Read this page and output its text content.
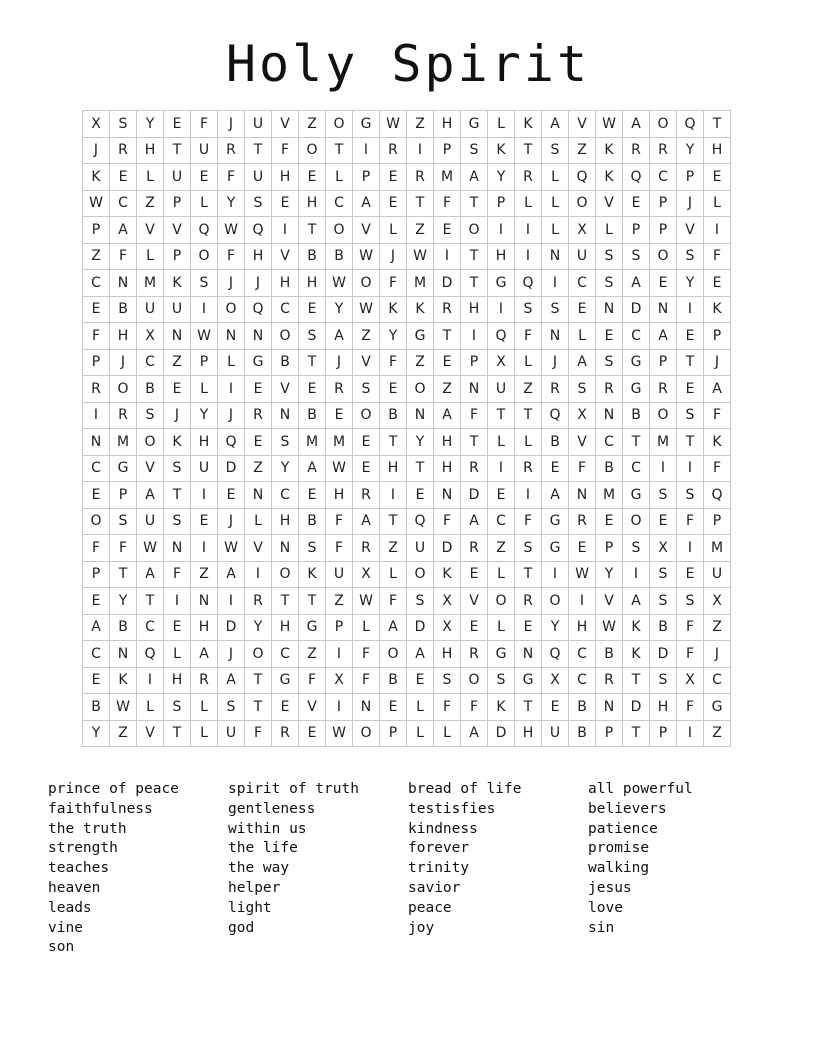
Holy Spirit
X	S	Y	E	F	J	U	V	Z	O	G	W	Z	H	G	L	K	A	V	W	A	O	Q	T
J	R	H	T	U	R	T	F	O	T	I	R	I	P	S	K	T	S	Z	K	R	R	Y	H
K	E	L	U	E	F	U	H	E	L	P	E	R	M	A	Y	R	L	Q	K	Q	C	P	E
W	C	Z	P	L	Y	S	E	H	C	A	E	T	F	T	P	L	L	O	V	E	P	J	L
P	A	V	V	Q	W	Q	I	T	O	V	L	Z	E	O	I	I	L	X	L	P	P	V	I
Z	F	L	P	O	F	H	V	B	B	W	J	W	I	T	H	I	N	U	S	S	O	S	F
C	N	M	K	S	J	J	H	H	W	O	F	M	D	T	G	Q	I	C	S	A	E	Y	E
E	B	U	U	I	O	Q	C	E	Y	W	K	K	R	H	I	S	S	E	N	D	N	I	K
F	H	X	N	W	N	N	O	S	A	Z	Y	G	T	I	Q	F	N	L	E	C	A	E	P
P	J	C	Z	P	L	G	B	T	J	V	F	Z	E	P	X	L	J	A	S	G	P	T	J
R	O	B	E	L	I	E	V	E	R	S	E	O	Z	N	U	Z	R	S	R	G	R	E	A
I	R	S	J	Y	J	R	N	B	E	O	B	N	A	F	T	T	Q	X	N	B	O	S	F
N	M	O	K	H	Q	E	S	M	M	E	T	Y	H	T	L	L	B	V	C	T	M	T	K
C	G	V	S	U	D	Z	Y	A	W	E	H	T	H	R	I	R	E	F	B	C	I	I	F
E	P	A	T	I	E	N	C	E	H	R	I	E	N	D	E	I	A	N	M	G	S	S	Q
O	S	U	S	E	J	L	H	B	F	A	T	Q	F	A	C	F	G	R	E	O	E	F	P
F	F	W	N	I	W	V	N	S	F	R	Z	U	D	R	Z	S	G	E	P	S	X	I	M
P	T	A	F	Z	A	I	O	K	U	X	L	O	K	E	L	T	I	W	Y	I	S	E	U
E	Y	T	I	N	I	R	T	T	Z	W	F	S	X	V	O	R	O	I	V	A	S	S	X
A	B	C	E	H	D	Y	H	G	P	L	A	D	X	E	L	E	Y	H	W	K	B	F	Z
C	N	Q	L	A	J	O	C	Z	I	F	O	A	H	R	G	N	Q	C	B	K	D	F	J
E	K	I	H	R	A	T	G	F	X	F	B	E	S	O	S	G	X	C	R	T	S	X	C
B	W	L	S	L	S	T	E	V	I	N	E	L	F	F	K	T	E	B	N	D	H	F	G
Y	Z	V	T	L	U	F	R	E	W	O	P	L	L	A	D	H	U	B	P	T	P	I	Z
prince of peace
faithfulness
the truth
strength
teaches
heaven
leads
vine
son
spirit of truth
gentleness
within us
the life
the way
helper
light
god
bread of life
testisfies
kindness
forever
trinity
savior
peace
joy
all powerful
believers
patience
promise
walking
jesus
love
sin
